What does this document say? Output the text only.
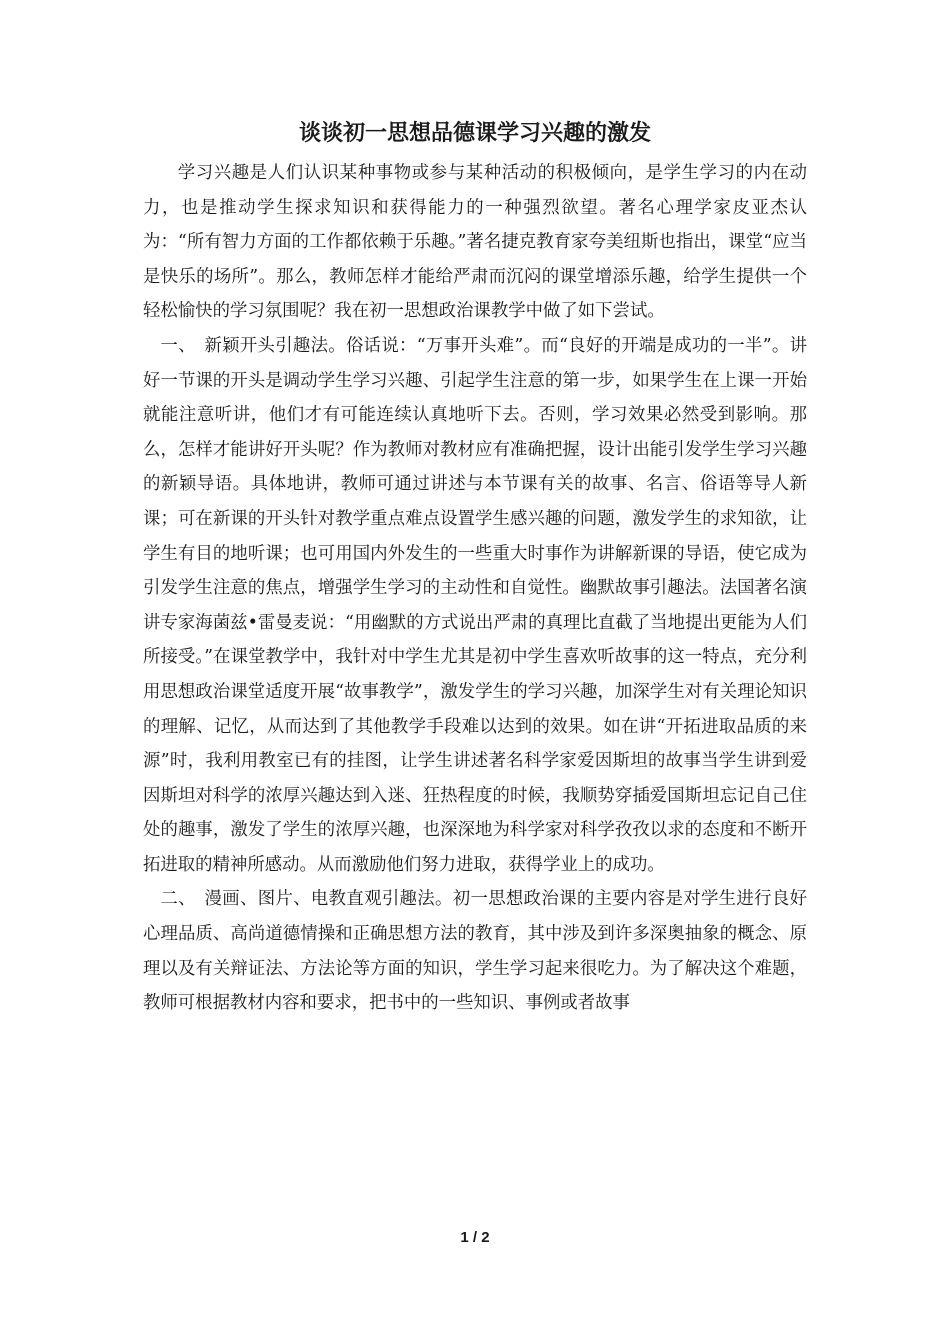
谈谈初一思想品德课学习兴趣的激发

学习兴趣是人们认识某种事物或参与某种活动的积极倾向，是学生学习的内在动力，也是推动学生探求知识和获得能力的一种强烈欲望。著名心理学家皮亚杰认为：“所有智力方面的工作都依赖于乐趣。”著名捷克教育家夸美纽斯也指出，课堂“应当是快乐的场所”。那么，教师怎样才能给严肃而沉闷的课堂增添乐趣，给学生提供一个轻松愉快的学习氛围呢？我在初一思想政治课教学中做了如下尝试。

一、 新颖开头引趣法。俗话说：“万事开头难”。而“良好的开端是成功的一半”。讲好一节课的开头是调动学生学习兴趣、引起学生注意的第一步，如果学生在上课一开始就能注意听讲，他们才有可能连续认真地听下去。否则，学习效果必然受到影响。那么，怎样才能讲好开头呢？作为教师对教材应有准确把握，设计出能引发学生学习兴趣的新颖导语。具体地讲，教师可通过讲述与本节课有关的故事、名言、俗语等导人新课；可在新课的开头针对教学重点难点设置学生感兴趣的问题，激发学生的求知欲，让学生有目的地听课；也可用国内外发生的一些重大时事作为讲解新课的导语，使它成为引发学生注意的焦点，增强学生学习的主动性和自觉性。幽默故事引趣法。法国著名演讲专家海菌兹•雷曼麦说：“用幽默的方式说出严肃的真理比直截了当地提出更能为人们所接受。”在课堂教学中，我针对中学生尤其是初中学生喜欢听故事的这一特点，充分利用思想政治课堂适度开展“故事教学”，激发学生的学习兴趣，加深学生对有关理论知识的理解、记忆，从而达到了其他教学手段难以达到的效果。如在讲“开拓进取品质的来源”时，我利用教室已有的挂图，让学生讲述著名科学家爱因斯坦的故事当学生讲到爱因斯坦对科学的浓厚兴趣达到入迷、狂热程度的时候，我顺势穿插爱国斯坦忘记自己住处的趣事，激发了学生的浓厚兴趣，也深深地为科学家对科学孜孜以求的态度和不断开拓进取的精神所感动。从而激励他们努力进取，获得学业上的成功。

二、 漫画、图片、电教直观引趣法。初一思想政治课的主要内容是对学生进行良好心理品质、高尚道德情操和正确思想方法的教育，其中涉及到许多深奥抽象的概念、原理以及有关辩证法、方法论等方面的知识，学生学习起来很吃力。为了解决这个难题，教师可根据教材内容和要求，把书中的一些知识、事例或者故事

1 / 2
